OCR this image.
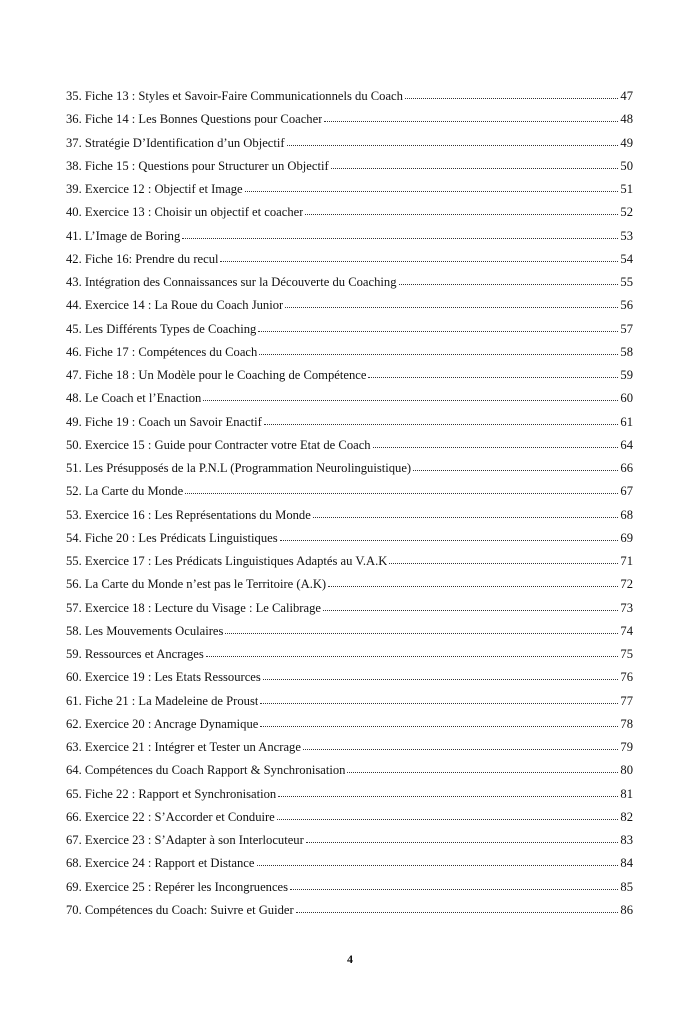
35. Fiche 13 : Styles et Savoir-Faire Communicationnels du Coach	47
36. Fiche 14 : Les Bonnes Questions pour Coacher	48
37. Stratégie D’Identification d’un Objectif	49
38. Fiche 15 : Questions pour Structurer un Objectif	50
39. Exercice 12 : Objectif et Image	51
40. Exercice 13 : Choisir un objectif et coacher	52
41. L’Image de Boring	53
42. Fiche 16: Prendre du recul	54
43. Intégration des Connaissances sur la Découverte du Coaching	55
44. Exercice 14 : La Roue du Coach Junior	56
45. Les Différents Types de Coaching	57
46. Fiche 17 : Compétences du Coach	58
47. Fiche 18 : Un Modèle pour le Coaching de Compétence	59
48. Le Coach et l’Enaction	60
49. Fiche 19 : Coach un Savoir Enactif	61
50. Exercice 15 : Guide pour Contracter votre Etat de Coach	64
51. Les Présupposés de la P.N.L (Programmation Neurolinguistique)	66
52. La Carte du Monde	67
53. Exercice 16 : Les Représentations du Monde	68
54. Fiche 20 : Les Prédicats Linguistiques	69
55. Exercice 17 : Les Prédicats Linguistiques Adaptés au V.A.K	71
56. La Carte du Monde n’est pas le Territoire (A.K)	72
57. Exercice 18 : Lecture du Visage : Le Calibrage	73
58. Les Mouvements Oculaires	74
59. Ressources et Ancrages	75
60. Exercice 19 : Les Etats Ressources	76
61. Fiche 21 : La Madeleine de Proust	77
62. Exercice 20 : Ancrage Dynamique	78
63. Exercice 21 : Intégrer et Tester un Ancrage	79
64. Compétences du Coach Rapport & Synchronisation	80
65. Fiche 22 : Rapport et Synchronisation	81
66. Exercice 22 : S’Accorder et Conduire	82
67. Exercice 23 : S’Adapter à son Interlocuteur	83
68. Exercice 24 : Rapport et Distance	84
69. Exercice 25 : Repérer les Incongruences	85
70. Compétences du Coach: Suivre et Guider	86
4
